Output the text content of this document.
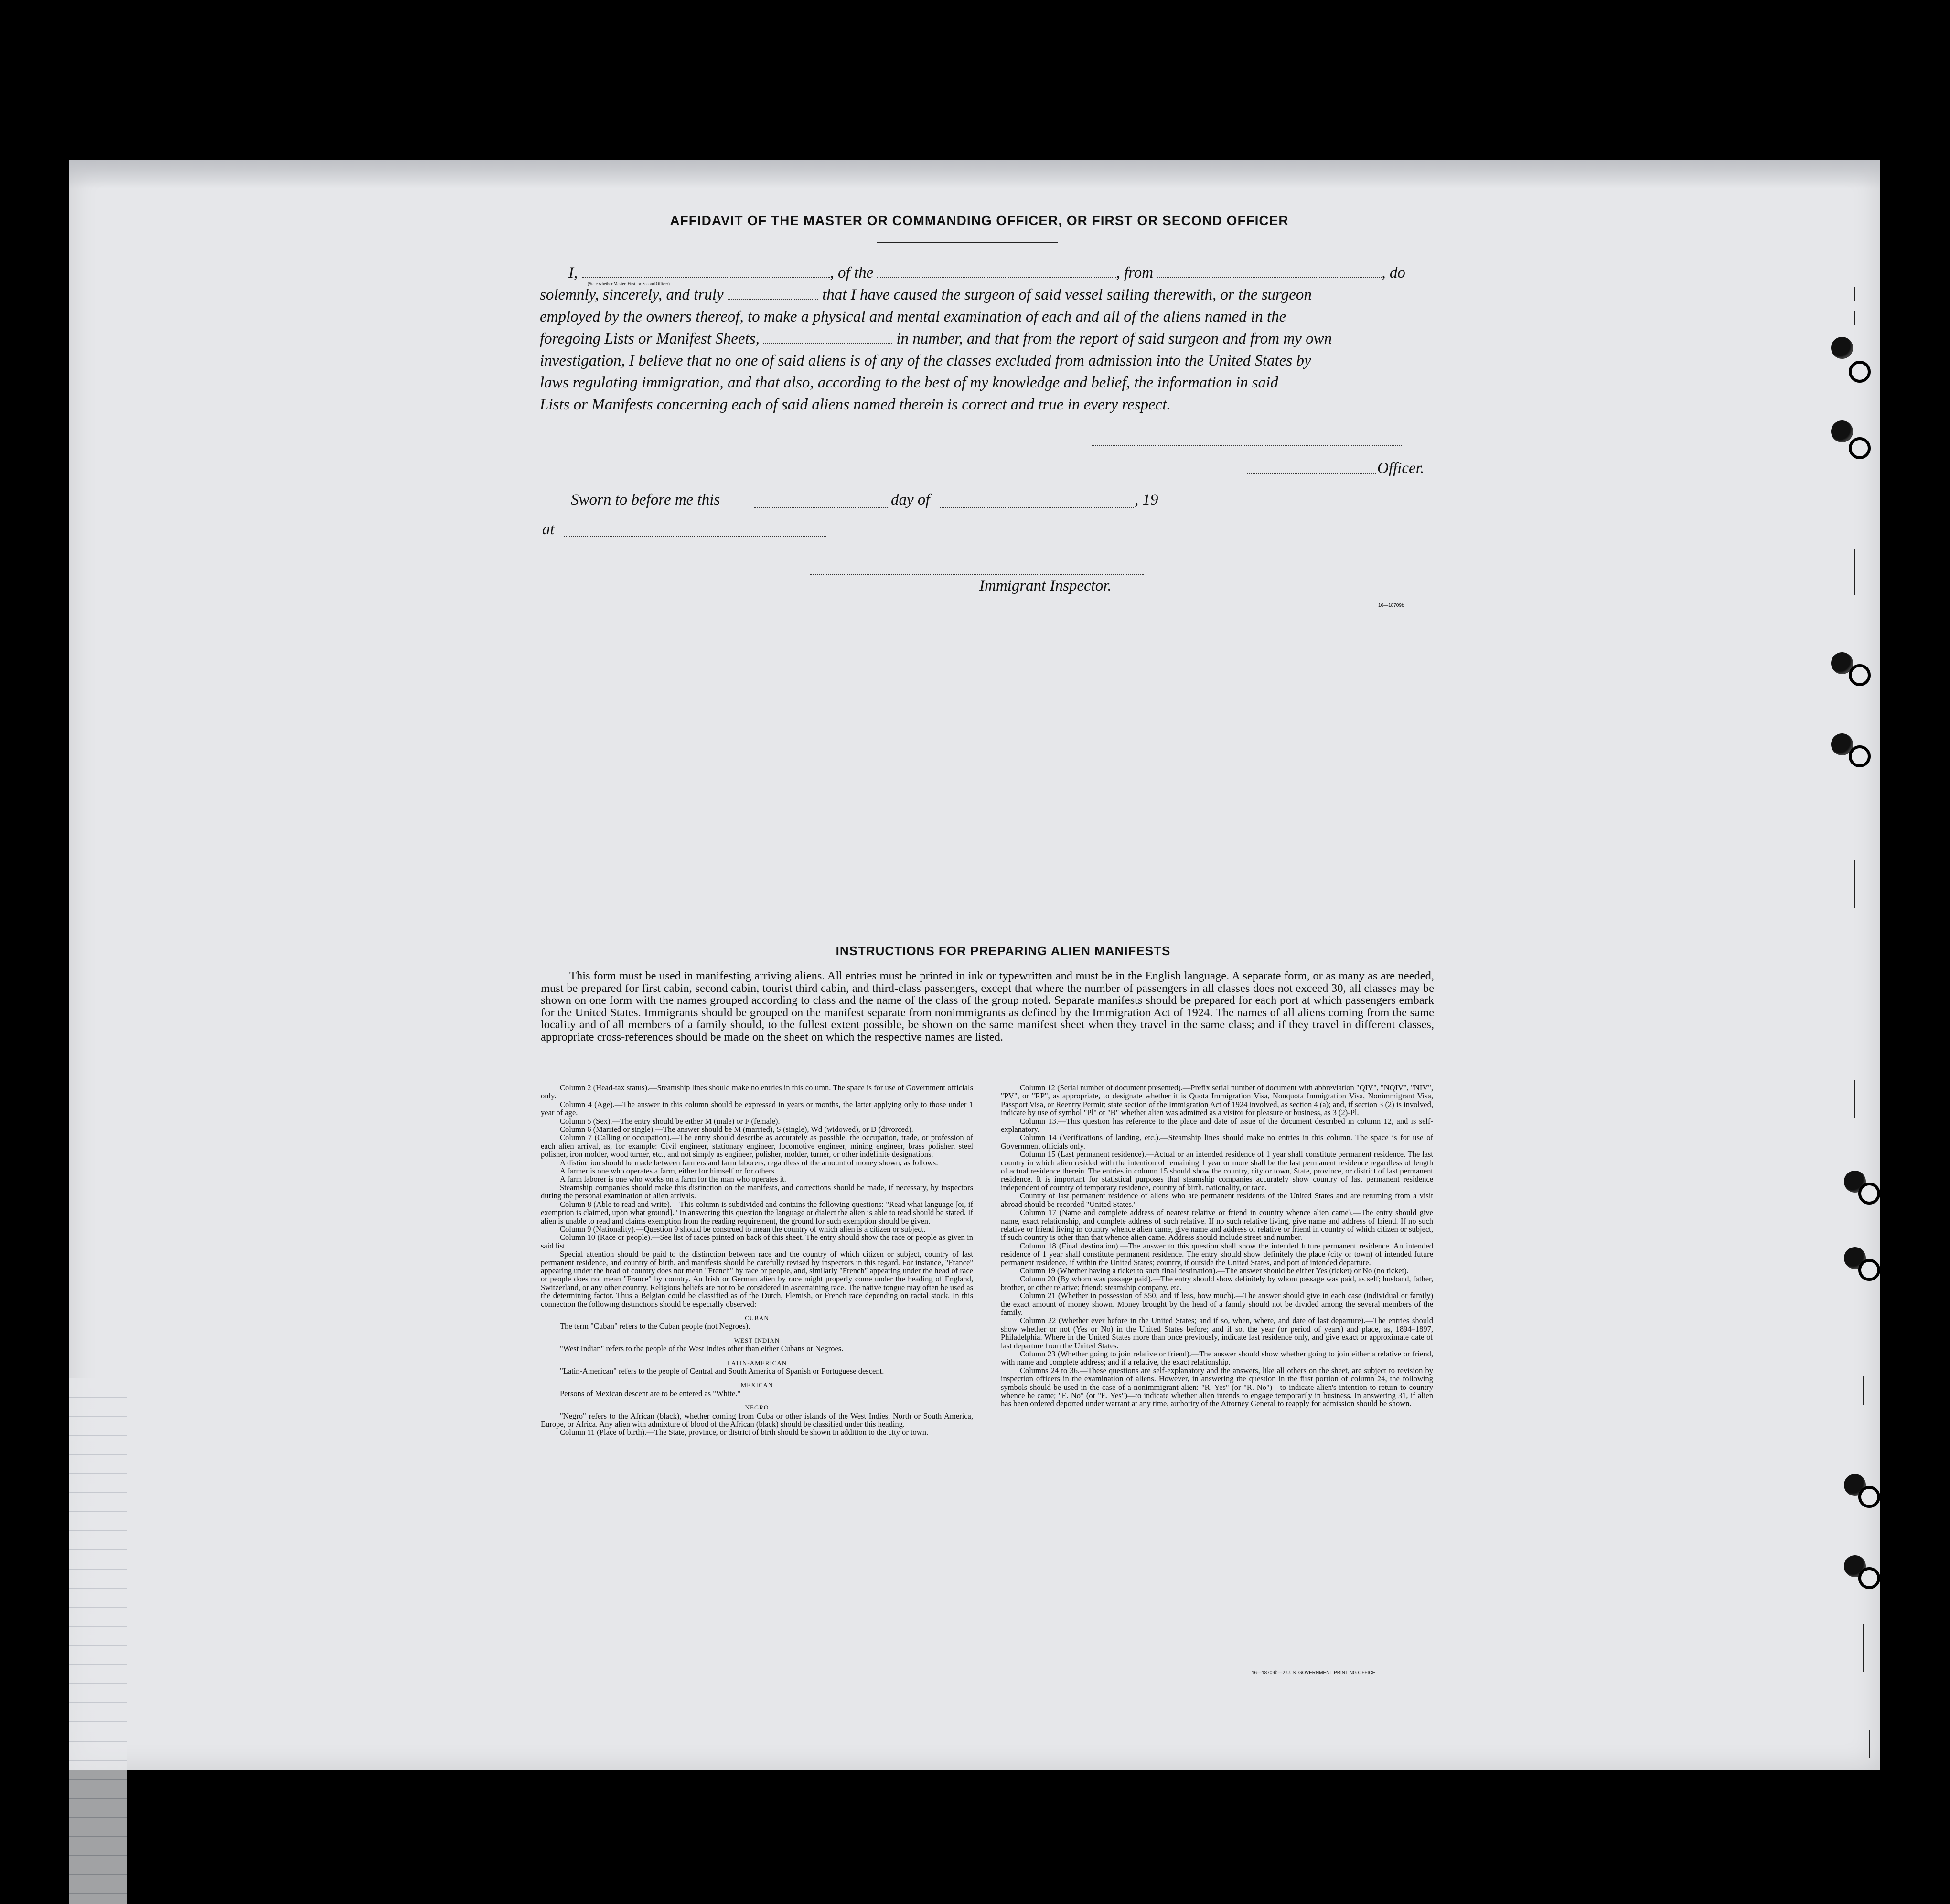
AFFIDAVIT OF THE MASTER OR COMMANDING OFFICER, OR FIRST OR SECOND OFFICER
(State whether Master, First, or Second Officer)
I,	, of the	, from	, do
solemnly, sincerely, and truly	that I have caused the surgeon of said vessel sailing therewith, or the surgeon
employed by the owners thereof, to make a physical and mental examination of each and all of the aliens named in the
foregoing Lists or Manifest Sheets,	in number, and that from the report of said surgeon and from my own
investigation, I believe that no one of said aliens is of any of the classes excluded from admission into the United States by
laws regulating immigration, and that also, according to the best of my knowledge and belief, the information in said
Lists or Manifests concerning each of said aliens named therein is correct and true in every respect.
Officer.
Sworn to before me this	day of	, 19
at
Immigrant Inspector.
16—18709b
INSTRUCTIONS FOR PREPARING ALIEN MANIFESTS
This form must be used in manifesting arriving aliens. All entries must be printed in ink or typewritten and must be in the English language. A separate form, or as many as are needed, must be prepared for first cabin, second cabin, tourist third cabin, and third-class passengers, except that where the number of passengers in all classes does not exceed 30, all classes may be shown on one form with the names grouped according to class and the name of the class of the group noted. Separate manifests should be prepared for each port at which passengers embark for the United States. Immigrants should be grouped on the manifest separate from nonimmigrants as defined by the Immigration Act of 1924. The names of all aliens coming from the same locality and of all members of a family should, to the fullest extent possible, be shown on the same manifest sheet when they travel in the same class; and if they travel in different classes, appropriate cross-references should be made on the sheet on which the respective names are listed.

Column 2 (Head-tax status).—Steamship lines should make no entries in this column. The space is for use of Government officials only.

Column 4 (Age).—The answer in this column should be expressed in years or months, the latter applying only to those under 1 year of age.

Column 5 (Sex).—The entry should be either M (male) or F (female).

Column 6 (Married or single).—The answer should be M (married), S (single), Wd (widowed), or D (divorced).

Column 7 (Calling or occupation).—The entry should describe as accurately as possible, the occupation, trade, or profession of each alien arrival, as, for example: Civil engineer, stationary engineer, locomotive engineer, mining engineer, brass polisher, steel polisher, iron molder, wood turner, etc., and not simply as engineer, polisher, molder, turner, or other indefinite designations.

A distinction should be made between farmers and farm laborers, regardless of the amount of money shown, as follows:

A farmer is one who operates a farm, either for himself or for others.

A farm laborer is one who works on a farm for the man who operates it.

Steamship companies should make this distinction on the manifests, and corrections should be made, if necessary, by inspectors during the personal examination of alien arrivals.

Column 8 (Able to read and write).—This column is subdivided and contains the following questions: "Read what language [or, if exemption is claimed, upon what ground]." In answering this question the language or dialect the alien is able to read should be stated. If alien is unable to read and claims exemption from the reading requirement, the ground for such exemption should be given.

Column 9 (Nationality).—Question 9 should be construed to mean the country of which alien is a citizen or subject.

Column 10 (Race or people).—See list of races printed on back of this sheet. The entry should show the race or people as given in said list.

Special attention should be paid to the distinction between race and the country of which citizen or subject, country of last permanent residence, and country of birth, and manifests should be carefully revised by inspectors in this regard. For instance, "France" appearing under the head of country does not mean "French" by race or people, and, similarly "French" appearing under the head of race or people does not mean "France" by country. An Irish or German alien by race might properly come under the heading of England, Switzerland, or any other country. Religious beliefs are not to be considered in ascertaining race. The native tongue may often be used as the determining factor. Thus a Belgian could be classified as of the Dutch, Flemish, or French race depending on racial stock. In this connection the following distinctions should be especially observed:

CUBAN

The term "Cuban" refers to the Cuban people (not Negroes).

WEST INDIAN

"West Indian" refers to the people of the West Indies other than either Cubans or Negroes.

LATIN-AMERICAN

"Latin-American" refers to the people of Central and South America of Spanish or Portuguese descent.

MEXICAN

Persons of Mexican descent are to be entered as "White."

NEGRO

"Negro" refers to the African (black), whether coming from Cuba or other islands of the West Indies, North or South America, Europe, or Africa. Any alien with admixture of blood of the African (black) should be classified under this heading.

Column 11 (Place of birth).—The State, province, or district of birth should be shown in addition to the city or town.

Column 12 (Serial number of document presented).—Prefix serial number of document with abbreviation "QIV", "NQIV", "NIV", "PV", or "RP", as appropriate, to designate whether it is Quota Immigration Visa, Nonquota Immigration Visa, Nonimmigrant Visa, Passport Visa, or Reentry Permit; state section of the Immigration Act of 1924 involved, as section 4 (a); and, if section 3 (2) is involved, indicate by use of symbol "Pl" or "B" whether alien was admitted as a visitor for pleasure or business, as 3 (2)-Pl.

Column 13.—This question has reference to the place and date of issue of the document described in column 12, and is self-explanatory.

Column 14 (Verifications of landing, etc.).—Steamship lines should make no entries in this column. The space is for use of Government officials only.

Column 15 (Last permanent residence).—Actual or an intended residence of 1 year shall constitute permanent residence. The last country in which alien resided with the intention of remaining 1 year or more shall be the last permanent residence regardless of length of actual residence therein. The entries in column 15 should show the country, city or town, State, province, or district of last permanent residence. It is important for statistical purposes that steamship companies accurately show country of last permanent residence independent of country of temporary residence, country of birth, nationality, or race.

Country of last permanent residence of aliens who are permanent residents of the United States and are returning from a visit abroad should be recorded "United States."

Column 17 (Name and complete address of nearest relative or friend in country whence alien came).—The entry should give name, exact relationship, and complete address of such relative. If no such relative living, give name and address of friend. If no such relative or friend living in country whence alien came, give name and address of relative or friend in country of which citizen or subject, if such country is other than that whence alien came. Address should include street and number.

Column 18 (Final destination).—The answer to this question shall show the intended future permanent residence. An intended residence of 1 year shall constitute permanent residence. The entry should show definitely the place (city or town) of intended future permanent residence, if within the United States; country, if outside the United States, and port of intended departure.

Column 19 (Whether having a ticket to such final destination).—The answer should be either Yes (ticket) or No (no ticket).

Column 20 (By whom was passage paid).—The entry should show definitely by whom passage was paid, as self; husband, father, brother, or other relative; friend; steamship company, etc.

Column 21 (Whether in possession of $50, and if less, how much).—The answer should give in each case (individual or family) the exact amount of money shown. Money brought by the head of a family should not be divided among the several members of the family.

Column 22 (Whether ever before in the United States; and if so, when, where, and date of last departure).—The entries should show whether or not (Yes or No) in the United States before; and if so, the year (or period of years) and place, as, 1894–1897, Philadelphia. Where in the United States more than once previously, indicate last residence only, and give exact or approximate date of last departure from the United States.

Column 23 (Whether going to join relative or friend).—The answer should show whether going to join either a relative or friend, with name and complete address; and if a relative, the exact relationship.

Columns 24 to 36.—These questions are self-explanatory and the answers, like all others on the sheet, are subject to revision by inspection officers in the examination of aliens. However, in answering the question in the first portion of column 24, the following symbols should be used in the case of a nonimmigrant alien: "R. Yes" (or "R. No")—to indicate alien's intention to return to country whence he came; "E. No" (or "E. Yes")—to indicate whether alien intends to engage temporarily in business. In answering 31, if alien has been ordered deported under warrant at any time, authority of the Attorney General to reapply for admission should be shown.

16—18709b—2 U. S. GOVERNMENT PRINTING OFFICE
